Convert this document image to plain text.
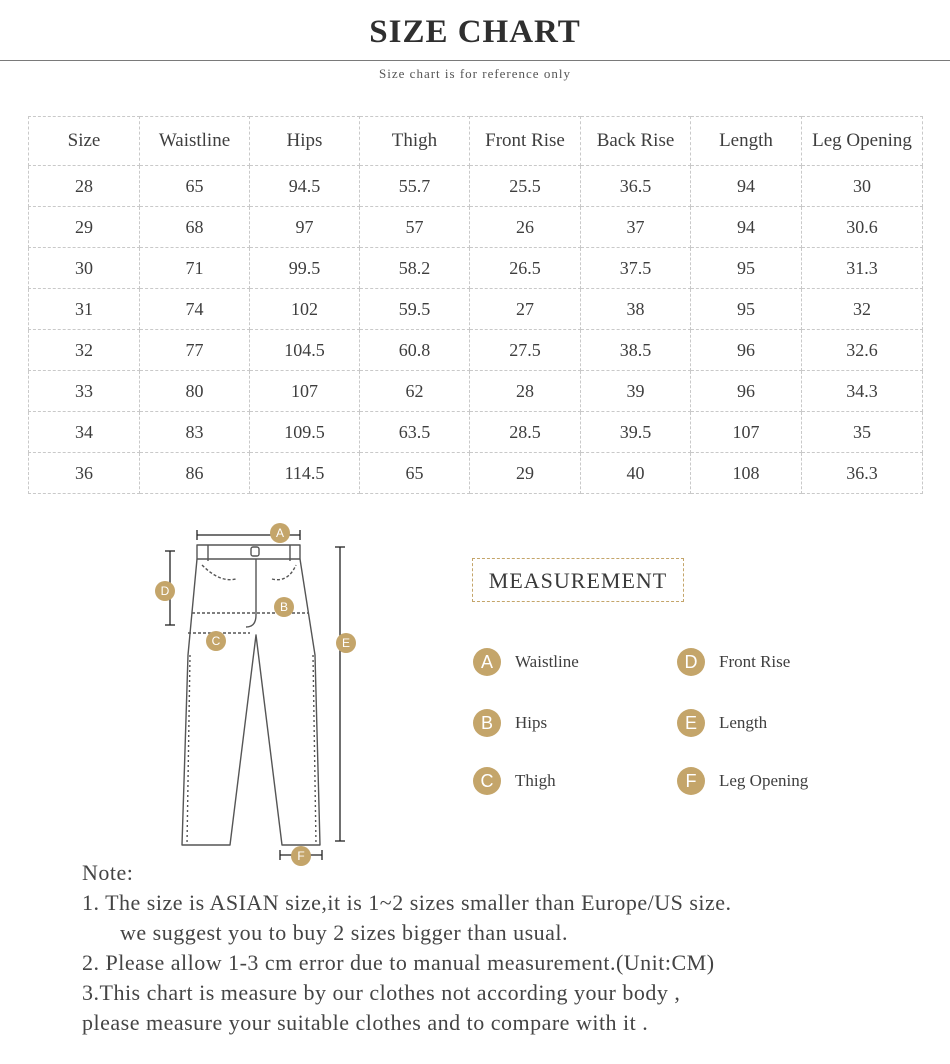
SIZE CHART
Size chart is for reference only
Size	Waistline	Hips	Thigh	Front Rise	Back Rise	Length	Leg Opening
28	65	94.5	55.7	25.5	36.5	94	30
29	68	97	57	26	37	94	30.6
30	71	99.5	58.2	26.5	37.5	95	31.3
31	74	102	59.5	27	38	95	32
32	77	104.5	60.8	27.5	38.5	96	32.6
33	80	107	62	28	39	96	34.3
34	83	109.5	63.5	28.5	39.5	107	35
36	86	114.5	65	29	40	108	36.3
A
B
C
D
E
F
MEASUREMENT
A	Waistline
B	Hips
C	Thigh
D	Front Rise
E	Length
F	Leg Opening
Note:
1. The size is ASIAN size,it is 1~2 sizes smaller than Europe/US size.
we suggest you to buy 2 sizes bigger than usual.
2. Please allow 1-3 cm error due to manual measurement.(Unit:CM)
3.This chart is measure by our clothes not according your body ,
please measure your suitable clothes and to compare with it .
